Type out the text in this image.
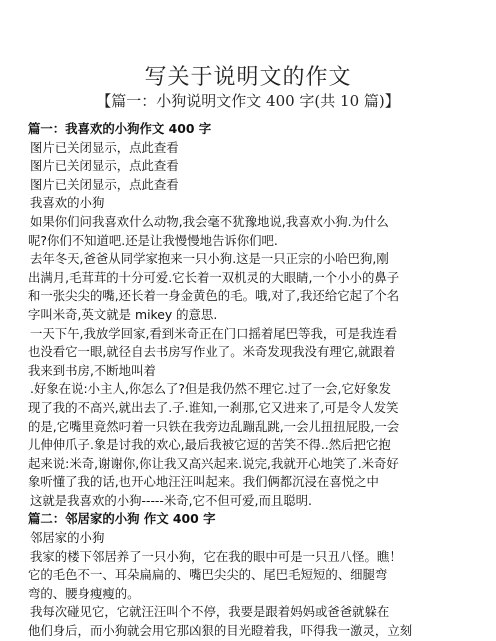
写关于说明文的作文
【篇一：小狗说明文作文 400 字(共 10 篇)】
篇一：我喜欢的小狗作文 400 字
图片已关闭显示，点此查看
图片已关闭显示，点此查看
图片已关闭显示，点此查看
我喜欢的小狗
如果你们问我喜欢什么动物,我会毫不犹豫地说,我喜欢小狗.为什么
呢?你们不知道吧.还是让我慢慢地告诉你们吧.
去年冬天,爸爸从同学家抱来一只小狗.这是一只正宗的小哈巴狗,刚
出满月,毛茸茸的十分可爱.它长着一双机灵的大眼睛,一个小小的鼻子
和一张尖尖的嘴,还长着一身金黄色的毛。哦,对了,我还给它起了个名
字叫米奇,英文就是 mikey 的意思.
一天下午,我放学回家,看到米奇正在门口摇着尾巴等我，可是我连看
也没看它一眼,就径自去书房写作业了。米奇发现我没有理它,就跟着
我来到书房,不断地叫着
.好象在说:小主人,你怎么了?但是我仍然不理它.过了一会,它好象发
现了我的不高兴,就出去了.子.谁知,一刹那,它又进来了,可是令人发笑
的是,它嘴里竟然叼着一只铁在我旁边乱蹦乱跳,一会儿扭扭屁股,一会
儿伸伸爪子.象是讨我的欢心,最后我被它逗的苦笑不得..然后把它抱
起来说:米奇,谢谢你,你让我又高兴起来.说完,我就开心地笑了.米奇好
象听懂了我的话,也开心地汪汪叫起来。我们俩都沉浸在喜悦之中
这就是我喜欢的小狗-----米奇,它不但可爱,而且聪明.
篇二：邻居家的小狗 作文 400 字
邻居家的小狗
我家的楼下邻居养了一只小狗，它在我的眼中可是一只丑八怪。瞧！
它的毛色不一、耳朵扁扁的、嘴巴尖尖的、尾巴毛短短的、细腿弯
弯的、腰身瘦瘦的。
我每次碰见它，它就汪汪叫个不停，我要是跟着妈妈或爸爸就躲在
他们身后，而小狗就会用它那凶狠的目光瞪着我，吓得我一激灵，立刻
